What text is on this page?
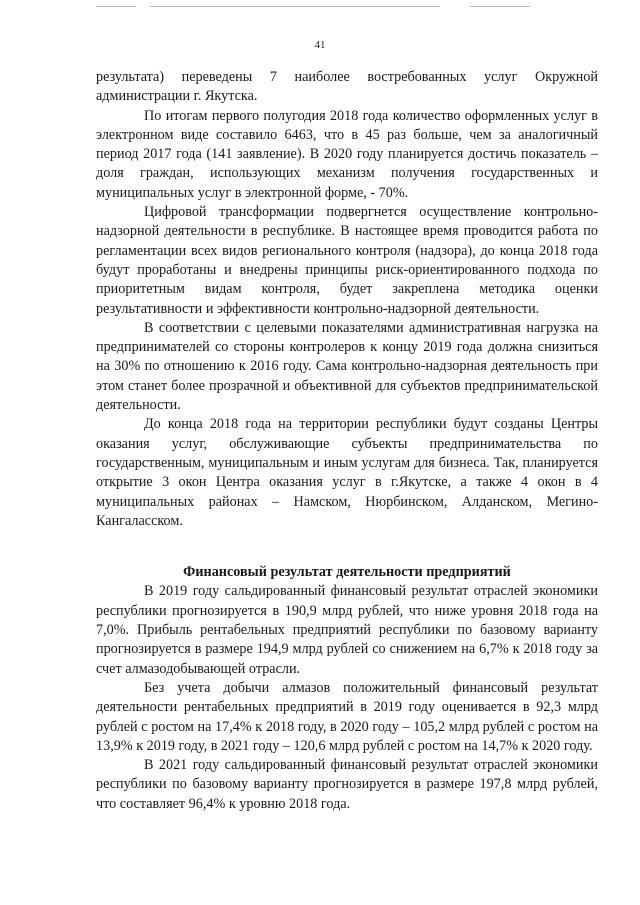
41

результата) переведены 7 наиболее востребованных услуг Окружной администрации г. Якутска.

По итогам первого полугодия 2018 года количество оформленных услуг в электронном виде составило 6463, что в 45 раз больше, чем за аналогичный период 2017 года (141 заявление). В 2020 году планируется достичь показатель – доля граждан, использующих механизм получения государственных и муниципальных услуг в электронной форме, - 70%.

Цифровой трансформации подвергнется осуществление контрольно-надзорной деятельности в республике. В настоящее время проводится работа по регламентации всех видов регионального контроля (надзора), до конца 2018 года будут проработаны и внедрены принципы риск-ориентированного подхода по приоритетным видам контроля, будет закреплена методика оценки результативности и эффективности контрольно-надзорной деятельности.

В соответствии с целевыми показателями административная нагрузка на предпринимателей со стороны контролеров к концу 2019 года должна снизиться на 30% по отношению к 2016 году. Сама контрольно-надзорная деятельность при этом станет более прозрачной и объективной для субъектов предпринимательской деятельности.

До конца 2018 года на территории республики будут созданы Центры оказания услуг, обслуживающие субъекты предпринимательства по государственным, муниципальным и иным услугам для бизнеса. Так, планируется открытие 3 окон Центра оказания услуг в г.Якутске, а также 4 окон в 4 муниципальных районах – Намском, Нюрбинском, Алданском, Мегино-Кангаласском.

Финансовый результат деятельности предприятий

В 2019 году сальдированный финансовый результат отраслей экономики республики прогнозируется в 190,9 млрд рублей, что ниже уровня 2018 года на 7,0%. Прибыль рентабельных предприятий республики по базовому варианту прогнозируется в размере 194,9 млрд рублей со снижением на 6,7% к 2018 году за счет алмазодобывающей отрасли.

Без учета добычи алмазов положительный финансовый результат деятельности рентабельных предприятий в 2019 году оценивается в 92,3 млрд рублей с ростом на 17,4% к 2018 году, в 2020 году – 105,2 млрд рублей с ростом на 13,9% к 2019 году, в 2021 году – 120,6 млрд рублей с ростом на 14,7% к 2020 году.

В 2021 году сальдированный финансовый результат отраслей экономики республики по базовому варианту прогнозируется в размере 197,8 млрд рублей, что составляет 96,4% к уровню 2018 года.
